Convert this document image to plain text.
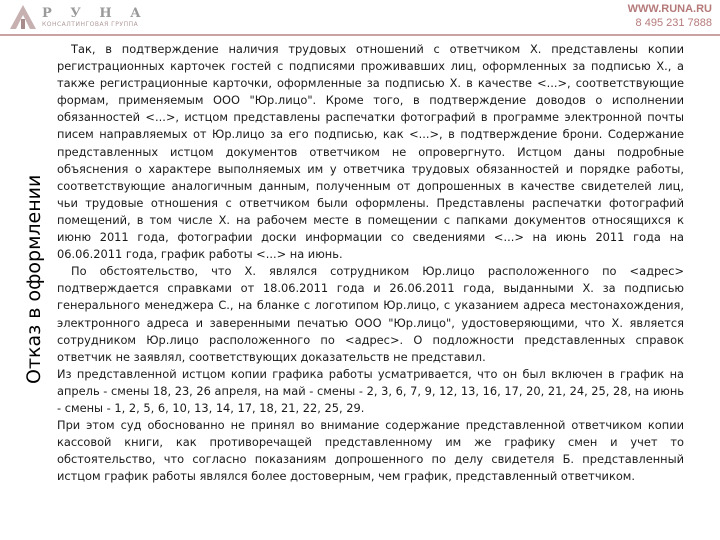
Р У Н А
КОНСАЛТИНГОВАЯ ГРУППА
WWW.RUNA.RU
8 495 231 7888
Отказ в оформлении

Так, в подтверждение наличия трудовых отношений с ответчиком Х. представлены копии регистрационных карточек гостей с подписями проживавших лиц, оформленных за подписью Х., а также регистрационные карточки, оформленные за подписью Х. в качестве <...>, соответствующие формам, применяемым ООО "Юр.лицо". Кроме того, в подтверждение доводов о исполнении обязанностей <...>, истцом представлены распечатки фотографий в программе электронной почты писем направляемых от Юр.лицо за его подписью, как <...>, в подтверждение брони. Содержание представленных истцом документов ответчиком не опровергнуто. Истцом даны подробные объяснения о характере выполняемых им у ответчика трудовых обязанностей и порядке работы, соответствующие аналогичным данным, полученным от допрошенных в качестве свидетелей лиц, чьи трудовые отношения с ответчиком были оформлены. Представлены распечатки фотографий помещений, в том числе Х. на рабочем месте в помещении с папками документов относящихся к июню 2011 года, фотографии доски информации со сведениями <...> на июнь 2011 года на 06.06.2011 года, график работы <...> на июнь.

По обстоятельство, что Х. являлся сотрудником Юр.лицо расположенного по <адрес> подтверждается справками от 18.06.2011 года и 26.06.2011 года, выданными Х. за подписью генерального менеджера С., на бланке с логотипом Юр.лицо, с указанием адреса местонахождения, электронного адреса и заверенными печатью ООО "Юр.лицо", удостоверяющими, что Х. является сотрудником Юр.лицо расположенного по <адрес>. О подложности представленных справок ответчик не заявлял, соответствующих доказательств не представил.

Из представленной истцом копии графика работы усматривается, что он был включен в график на апрель - смены 18, 23, 26 апреля, на май - смены - 2, 3, 6, 7, 9, 12, 13, 16, 17, 20, 21, 24, 25, 28, на июнь - смены - 1, 2, 5, 6, 10, 13, 14, 17, 18, 21, 22, 25, 29.

При этом суд обоснованно не принял во внимание содержание представленной ответчиком копии кассовой книги, как противоречащей представленному им же графику смен и учет то обстоятельство, что согласно показаниям допрошенного по делу свидетеля Б. представленный истцом график работы являлся более достоверным, чем график, представленный ответчиком.
